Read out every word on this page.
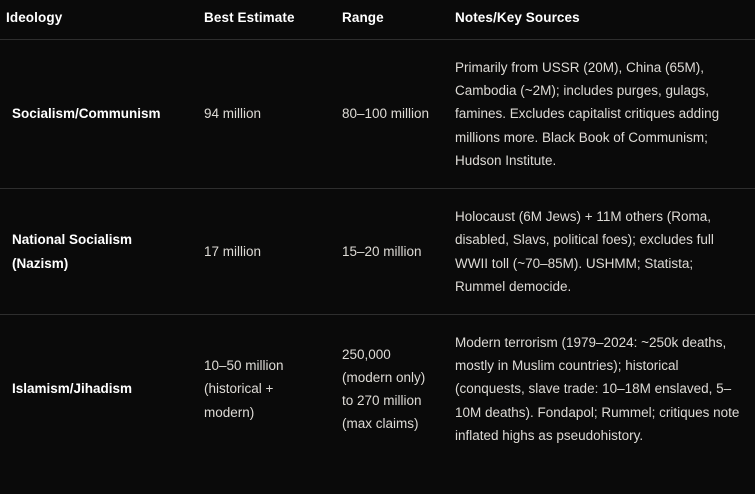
Ideology	Best Estimate	Range	Notes/Key Sources
Socialism/Communism	94 million	80–100 million	Primarily from USSR (20M), China (65M), Cambodia (~2M); includes purges, gulags, famines. Excludes capitalist critiques adding millions more. Black Book of Communism; Hudson Institute.
National Socialism (Nazism)	17 million	15–20 million	Holocaust (6M Jews) + 11M others (Roma, disabled, Slavs, political foes); excludes full WWII toll (~70–85M). USHMM; Statista; Rummel democide.
Islamism/Jihadism	10–50 million (historical + modern)	250,000 (modern only) to 270 million (max claims)	Modern terrorism (1979–2024: ~250k deaths, mostly in Muslim countries); historical (conquests, slave trade: 10–18M enslaved, 5–10M deaths). Fondapol; Rummel; critiques note inflated highs as pseudohistory.
